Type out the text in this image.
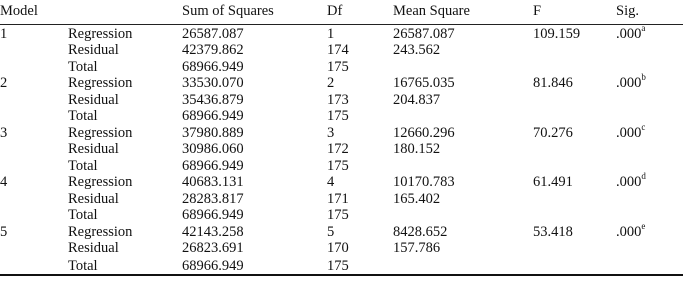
Model		Sum of Squares	Df	Mean Square	F	Sig.
1	Regression	26587.087	1	26587.087	109.159	.000$^a$
	Residual	42379.862	174	243.562		
	Total	68966.949	175			
2	Regression	33530.070	2	16765.035	81.846	.000$^b$
	Residual	35436.879	173	204.837		
	Total	68966.949	175			
3	Regression	37980.889	3	12660.296	70.276	.000$^c$
	Residual	30986.060	172	180.152		
	Total	68966.949	175			
4	Regression	40683.131	4	10170.783	61.491	.000$^d$
	Residual	28283.817	171	165.402		
	Total	68966.949	175			
5	Regression	42143.258	5	8428.652	53.418	.000e
	Residual	26823.691	170	157.786		
	Total	68966.949	175			
